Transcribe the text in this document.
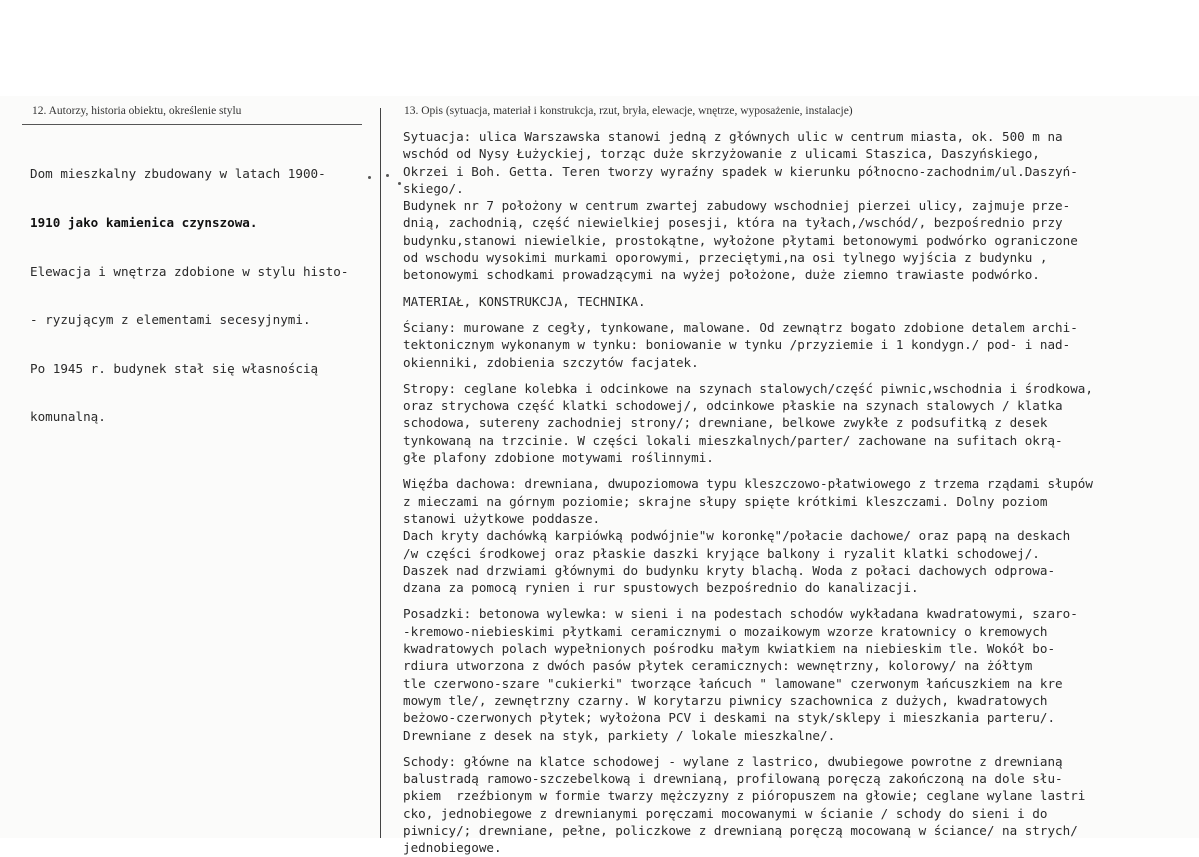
12. Autorzy, historia obiektu, określenie stylu	13. Opis (sytuacja, materiał i konstrukcja, rzut, bryła, elewacje, wnętrze, wyposażenie, instalacje)

Dom mieszkalny zbudowany w latach 1900-

1910 jako kamienica czynszowa.

Elewacja i wnętrza zdobione w stylu histo-

- ryzującym z elementami secesyjnymi.

Po 1945 r. budynek stał się własnością

komunalną.

Sytuacja: ulica Warszawska stanowi jedną z głównych ulic w centrum miasta, ok. 500 m na
wschód od Nysy Łużyckiej, torząc duże skrzyżowanie z ulicami Staszica, Daszyńskiego,
Okrzei i Boh. Getta. Teren tworzy wyraźny spadek w kierunku północno-zachodnim/ul.Daszyń-
skiego/.
Budynek nr 7 położony w centrum zwartej zabudowy wschodniej pierzei ulicy, zajmuje prze-
dnią, zachodnią, część niewielkiej posesji, która na tyłach,/wschód/, bezpośrednio przy
budynku,stanowi niewielkie, prostokątne, wyłożone płytami betonowymi podwórko ograniczone
od wschodu wysokimi murkami oporowymi, przeciętymi,na osi tylnego wyjścia z budynku ,
betonowymi schodkami prowadzącymi na wyżej położone, duże ziemno trawiaste podwórko.
MATERIAŁ, KONSTRUKCJA, TECHNIKA.
Ściany: murowane z cegły, tynkowane, malowane. Od zewnątrz bogato zdobione detalem archi-
tektonicznym wykonanym w tynku: boniowanie w tynku /przyziemie i 1 kondygn./ pod- i nad-
okienniki, zdobienia szczytów facjatek.
Stropy: ceglane kolebka i odcinkowe na szynach stalowych/część piwnic,wschodnia i środkowa,
oraz strychowa część klatki schodowej/, odcinkowe płaskie na szynach stalowych / klatka
schodowa, sutereny zachodniej strony/; drewniane, belkowe zwykłe z podsufitką z desek
tynkowaną na trzcinie. W części lokali mieszkalnych/parter/ zachowane na sufitach okrą-
głe plafony zdobione motywami roślinnymi.
Więźba dachowa: drewniana, dwupoziomowa typu kleszczowo-płatwiowego z trzema rządami słupów
z mieczami na górnym poziomie; skrajne słupy spięte krótkimi kleszczami. Dolny poziom
stanowi użytkowe poddasze.
Dach kryty dachówką karpiówką podwójnie"w koronkę"/połacie dachowe/ oraz papą na deskach
/w części środkowej oraz płaskie daszki kryjące balkony i ryzalit klatki schodowej/.
Daszek nad drzwiami głównymi do budynku kryty blachą. Woda z połaci dachowych odprowa-
dzana za pomocą rynien i rur spustowych bezpośrednio do kanalizacji.
Posadzki: betonowa wylewka: w sieni i na podestach schodów wykładana kwadratowymi, szaro-
-kremowo-niebieskimi płytkami ceramicznymi o mozaikowym wzorze kratownicy o kremowych
kwadratowych polach wypełnionych pośrodku małym kwiatkiem na niebieskim tle. Wokół bo-
rdiura utworzona z dwóch pasów płytek ceramicznych: wewnętrzny, kolorowy/ na żółtym
tle czerwono-szare "cukierki" tworzące łańcuch " lamowane" czerwonym łańcuszkiem na kre
mowym tle/, zewnętrzny czarny. W korytarzu piwnicy szachownica z dużych, kwadratowych
beżowo-czerwonych płytek; wyłożona PCV i deskami na styk/sklepy i mieszkania parteru/.
Drewniane z desek na styk, parkiety / lokale mieszkalne/.
Schody: główne na klatce schodowej - wylane z lastrico, dwubiegowe powrotne z drewnianą
balustradą ramowo-szczebelkową i drewnianą, profilowaną poręczą zakończoną na dole słu-
pkiem  rzeźbionym w formie twarzy mężczyzny z pióropuszem na głowie; ceglane wylane lastri
cko, jednobiegowe z drewnianymi poręczami mocowanymi w ścianie / schody do sieni i do
piwnicy/; drewniane, pełne, policzkowe z drewnianą poręczą mocowaną w ściance/ na strych/
jednobiegowe.
